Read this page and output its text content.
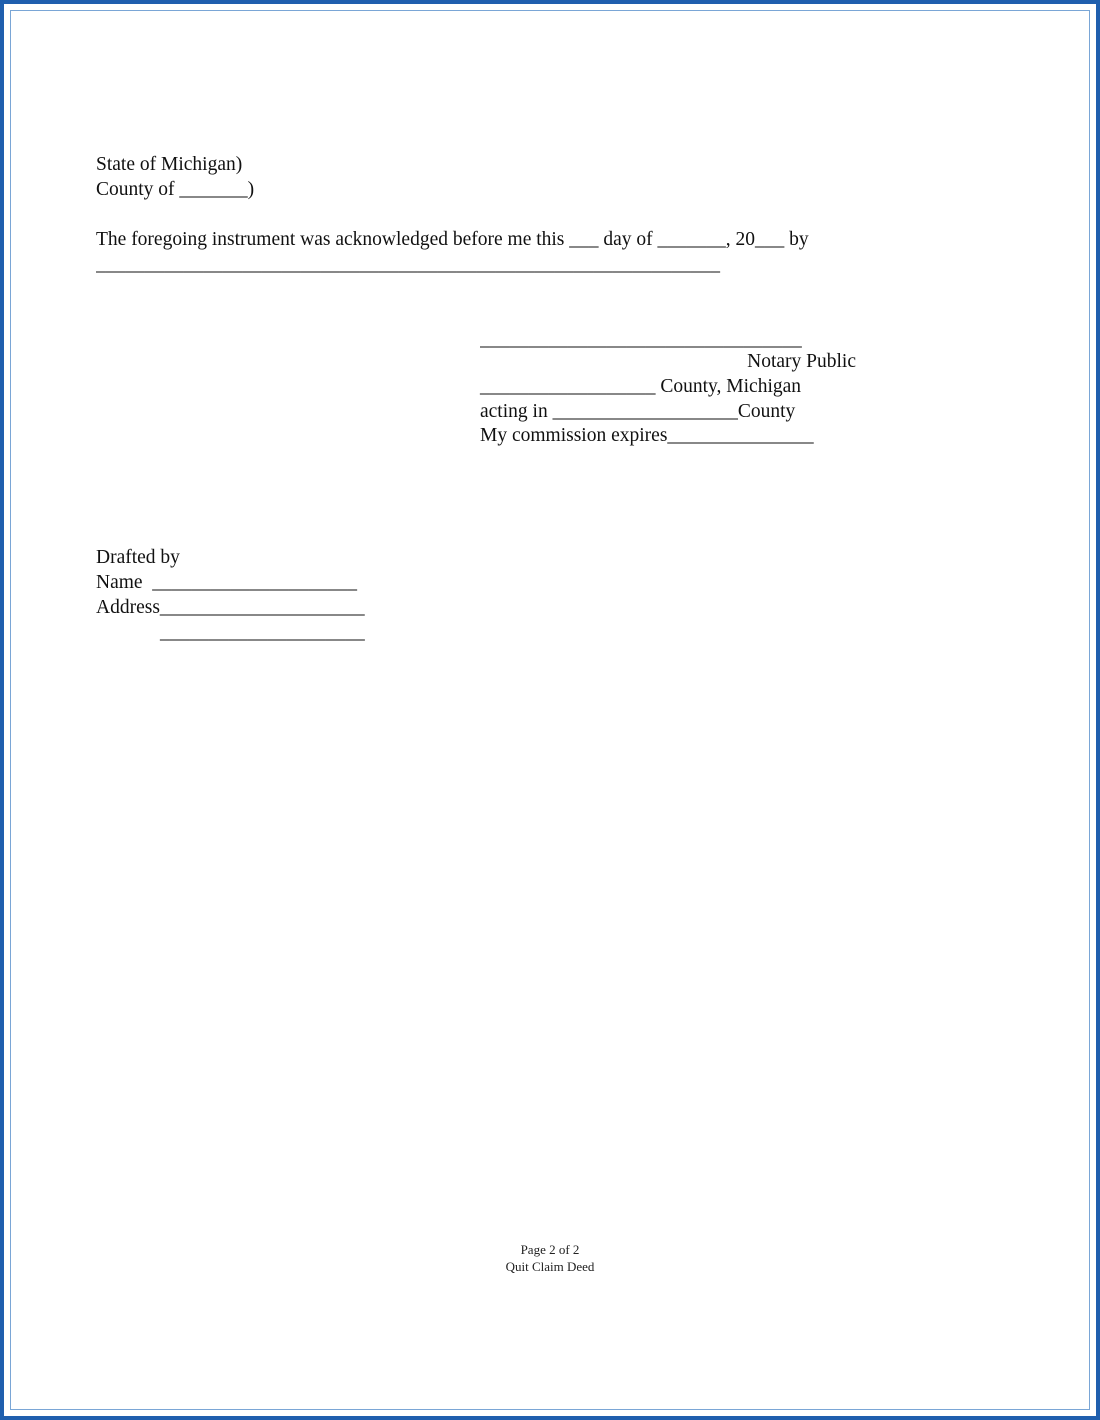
State of Michigan)
County of _______)
The foregoing instrument was acknowledged before me this ___ day of _______, 20___ by
________________________________________________________________
_________________________________
Notary Public
__________________ County, Michigan
acting in ___________________County
My commission expires_______________
Drafted by
Name  _____________________
Address_____________________
_____________________
Page 2 of 2
Quit Claim Deed
